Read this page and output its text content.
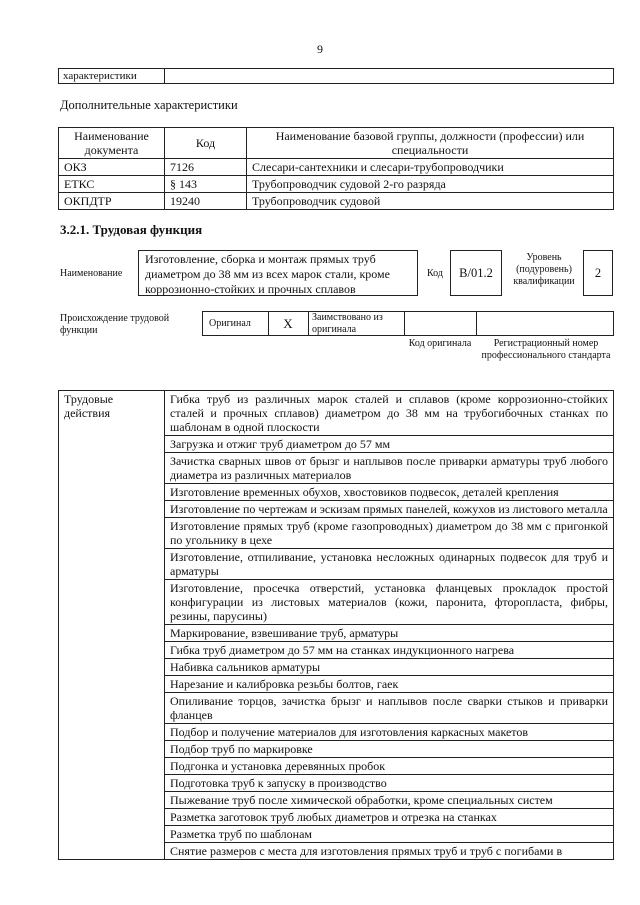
9
характеристики	
Дополнительные характеристики
Наименование документа	Код	Наименование базовой группы, должности (профессии) или специальности
ОКЗ	7126	Слесари-сантехники и слесари-трубопроводчики
ЕТКС	§ 143	Трубопроводчик судовой 2-го разряда
ОКПДТР	19240	Трубопроводчик судовой
3.2.1. Трудовая функция
Наименование
Изготовление, сборка и монтаж прямых труб диаметром до 38 мм из всех марок стали, кроме коррозионно-стойких и прочных сплавов
Код	В/01.2
Уровень (подуровень) квалификации
2
Происхождение трудовой функции
Оригинал	X	Заимствовано из оригинала
Код оригинала	Регистрационный номер профессионального стандарта
Трудовые действия	Гибка труб из различных марок сталей и сплавов (кроме коррозионно-стойких сталей и прочных сплавов) диаметром до 38 мм на трубогибочных станках по шаблонам в одной плоскости
Загрузка и отжиг труб диаметром до 57 мм
Зачистка сварных швов от брызг и наплывов после приварки арматуры труб любого диаметра из различных материалов
Изготовление временных обухов, хвостовиков подвесок, деталей крепления
Изготовление по чертежам и эскизам прямых панелей, кожухов из листового металла
Изготовление прямых труб (кроме газопроводных) диаметром до 38 мм с пригонкой по угольнику в цехе
Изготовление, отпиливание, установка несложных одинарных подвесок для труб и арматуры
Изготовление, просечка отверстий, установка фланцевых прокладок простой конфигурации из листовых материалов (кожи, паронита, фторопласта, фибры, резины, парусины)
Маркирование, взвешивание труб, арматуры
Гибка труб диаметром до 57 мм на станках индукционного нагрева
Набивка сальников арматуры
Нарезание и калибровка резьбы болтов, гаек
Опиливание торцов, зачистка брызг и наплывов после сварки стыков и приварки фланцев
Подбор и получение материалов для изготовления каркасных макетов
Подбор труб по маркировке
Подгонка и установка деревянных пробок
Подготовка труб к запуску в производство
Пыжевание труб после химической обработки, кроме специальных систем
Разметка заготовок труб любых диаметров и отрезка на станках
Разметка труб по шаблонам
Снятие размеров с места для изготовления прямых труб и труб с погибами в
